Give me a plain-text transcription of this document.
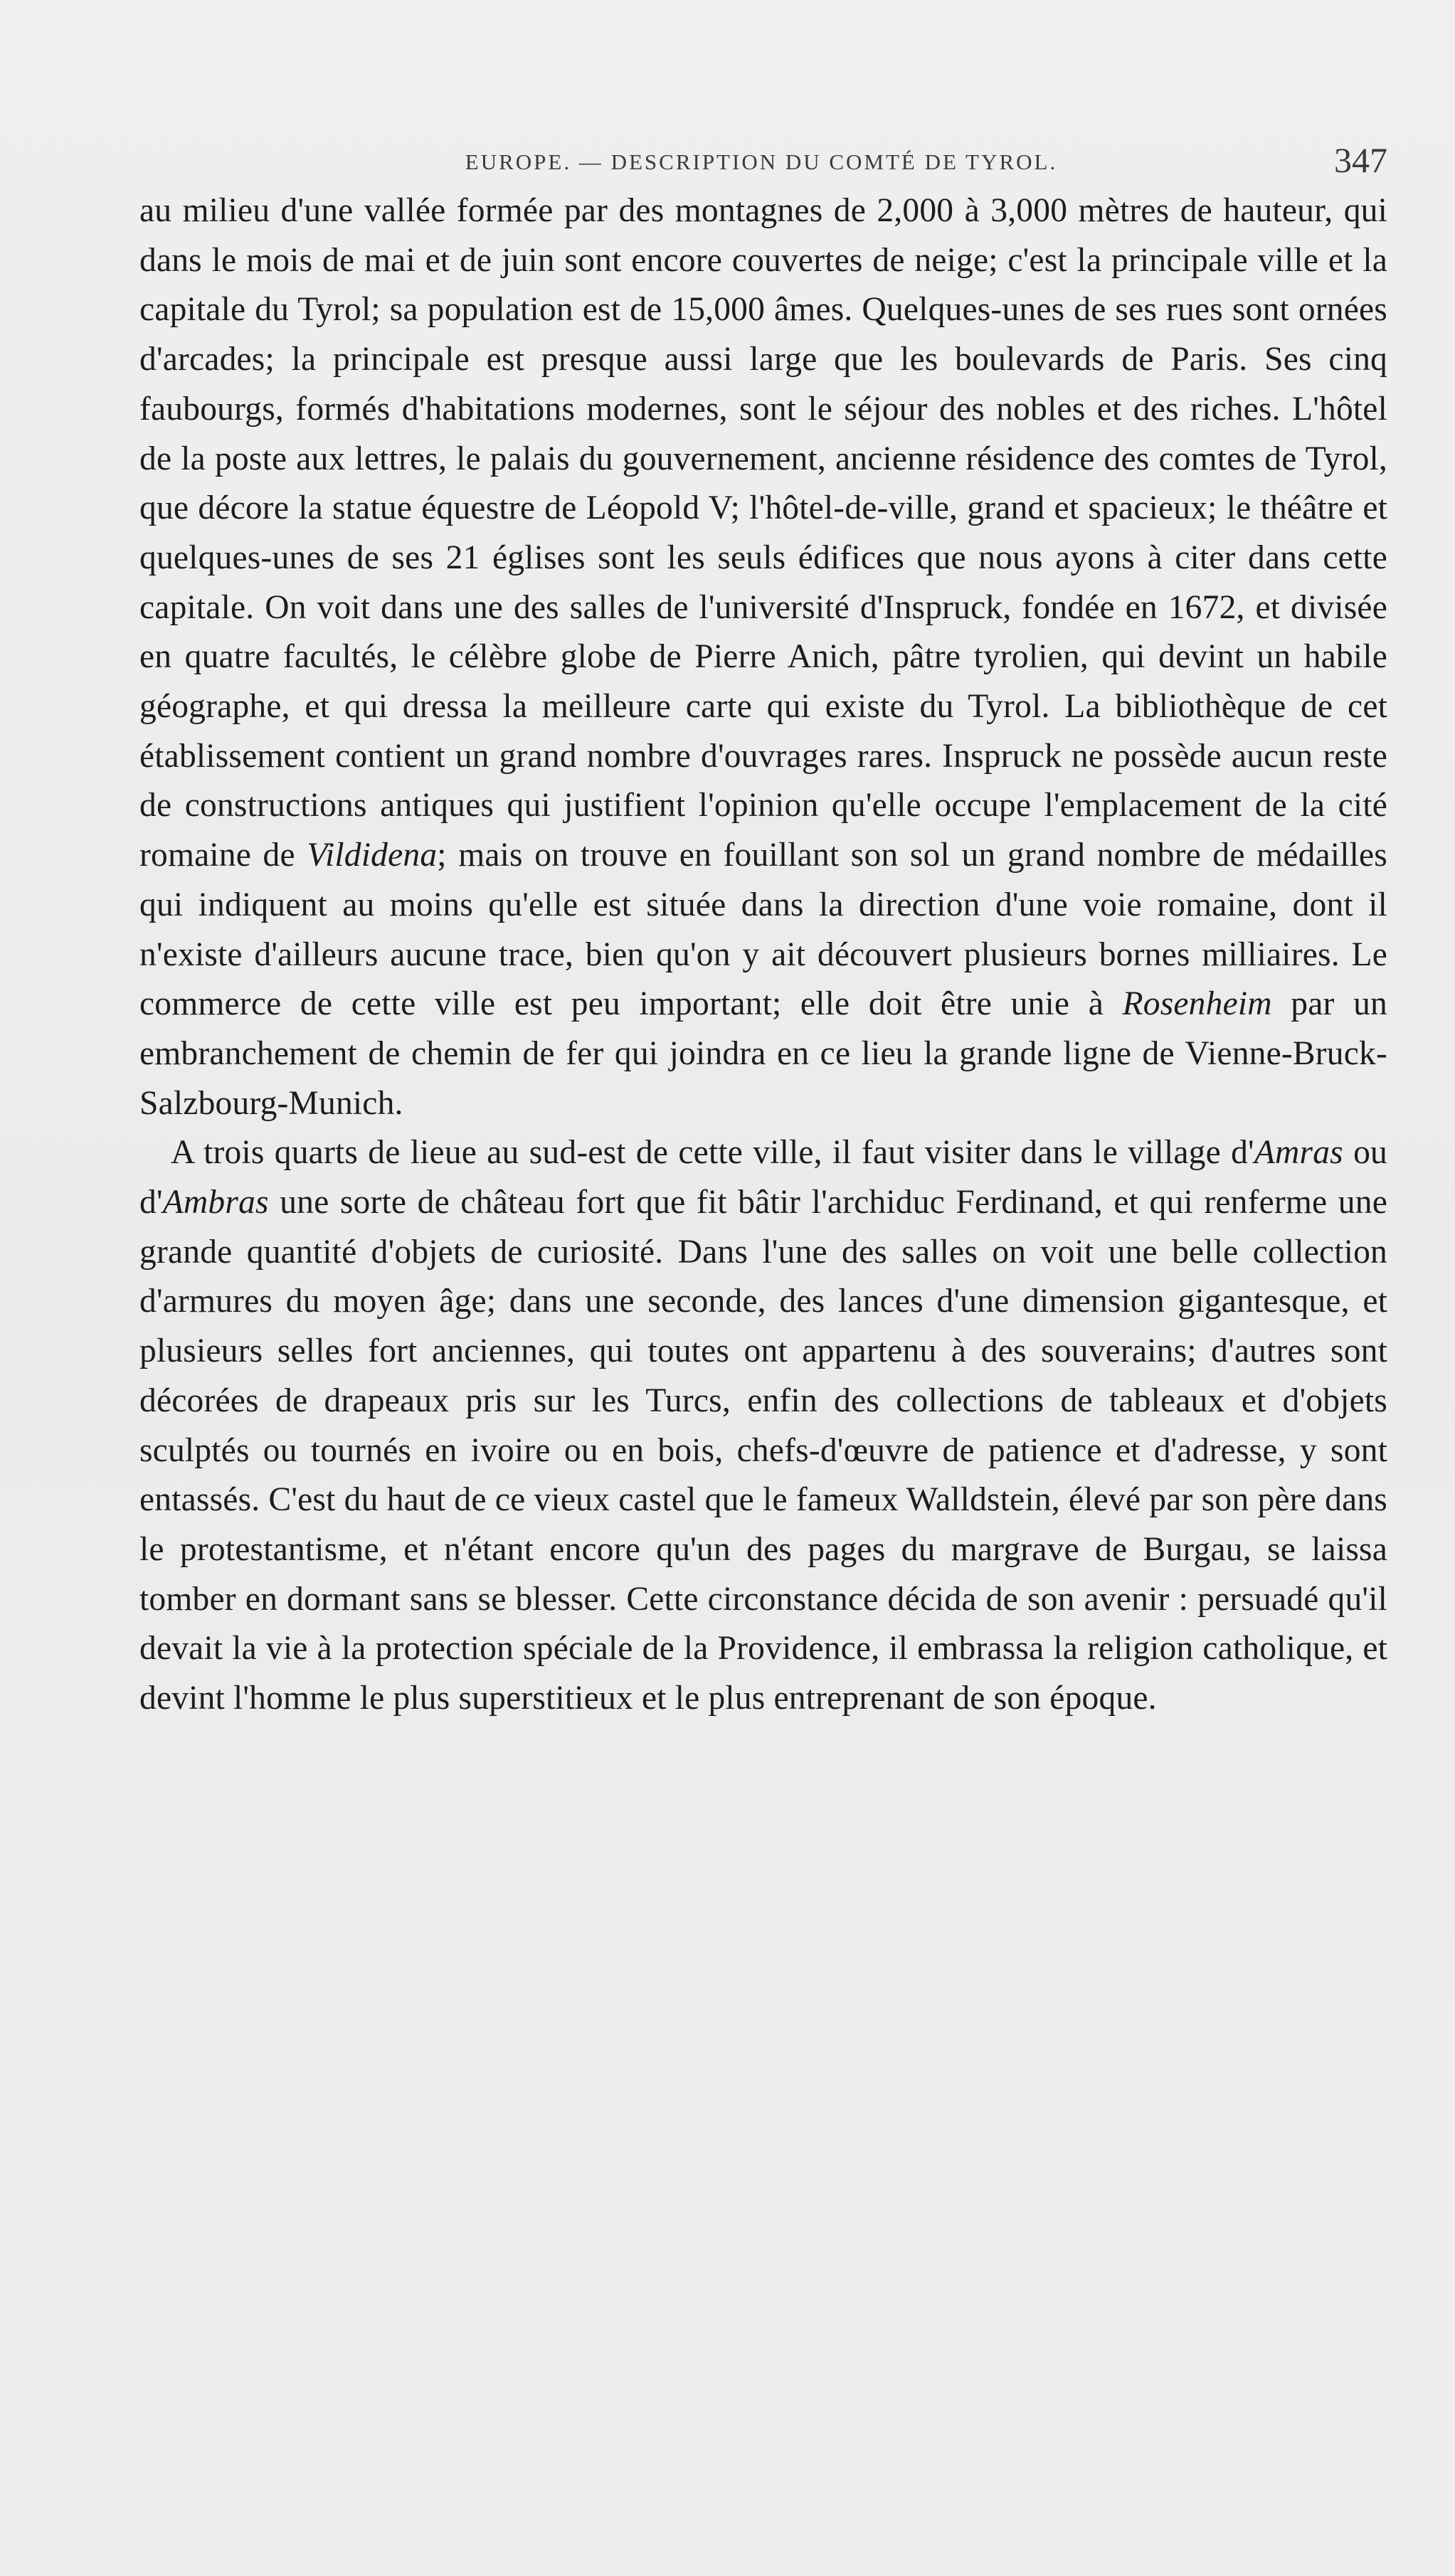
EUROPE. — DESCRIPTION DU COMTÉ DE TYROL.	347

au milieu d'une vallée formée par des montagnes de 2,000 à 3,000 mètres de hauteur, qui dans le mois de mai et de juin sont encore couvertes de neige; c'est la principale ville et la capitale du Tyrol; sa population est de 15,000 âmes. Quelques-unes de ses rues sont ornées d'arcades; la principale est presque aussi large que les boulevards de Paris. Ses cinq faubourgs, formés d'habitations modernes, sont le séjour des nobles et des riches. L'hôtel de la poste aux lettres, le palais du gouvernement, ancienne résidence des comtes de Tyrol, que décore la statue équestre de Léopold V; l'hôtel-de-ville, grand et spacieux; le théâtre et quelques-unes de ses 21 églises sont les seuls édifices que nous ayons à citer dans cette capitale. On voit dans une des salles de l'université d'Inspruck, fondée en 1672, et divisée en quatre facultés, le célèbre globe de Pierre Anich, pâtre tyrolien, qui devint un habile géographe, et qui dressa la meilleure carte qui existe du Tyrol. La bibliothèque de cet établissement contient un grand nombre d'ouvrages rares. Inspruck ne possède aucun reste de constructions antiques qui justifient l'opinion qu'elle occupe l'emplacement de la cité romaine de Vildidena; mais on trouve en fouillant son sol un grand nombre de médailles qui indiquent au moins qu'elle est située dans la direction d'une voie romaine, dont il n'existe d'ailleurs aucune trace, bien qu'on y ait découvert plusieurs bornes milliaires. Le commerce de cette ville est peu important; elle doit être unie à Rosenheim par un embranchement de chemin de fer qui joindra en ce lieu la grande ligne de Vienne-Bruck-Salzbourg-Munich.

A trois quarts de lieue au sud-est de cette ville, il faut visiter dans le village d'Amras ou d'Ambras une sorte de château fort que fit bâtir l'archiduc Ferdinand, et qui renferme une grande quantité d'objets de curiosité. Dans l'une des salles on voit une belle collection d'armures du moyen âge; dans une seconde, des lances d'une dimension gigantesque, et plusieurs selles fort anciennes, qui toutes ont appartenu à des souverains; d'autres sont décorées de drapeaux pris sur les Turcs, enfin des collections de tableaux et d'objets sculptés ou tournés en ivoire ou en bois, chefs-d'œuvre de patience et d'adresse, y sont entassés. C'est du haut de ce vieux castel que le fameux Walldstein, élevé par son père dans le protestantisme, et n'étant encore qu'un des pages du margrave de Burgau, se laissa tomber en dormant sans se blesser. Cette circonstance décida de son avenir : persuadé qu'il devait la vie à la protection spéciale de la Providence, il embrassa la religion catholique, et devint l'homme le plus superstitieux et le plus entreprenant de son époque.
